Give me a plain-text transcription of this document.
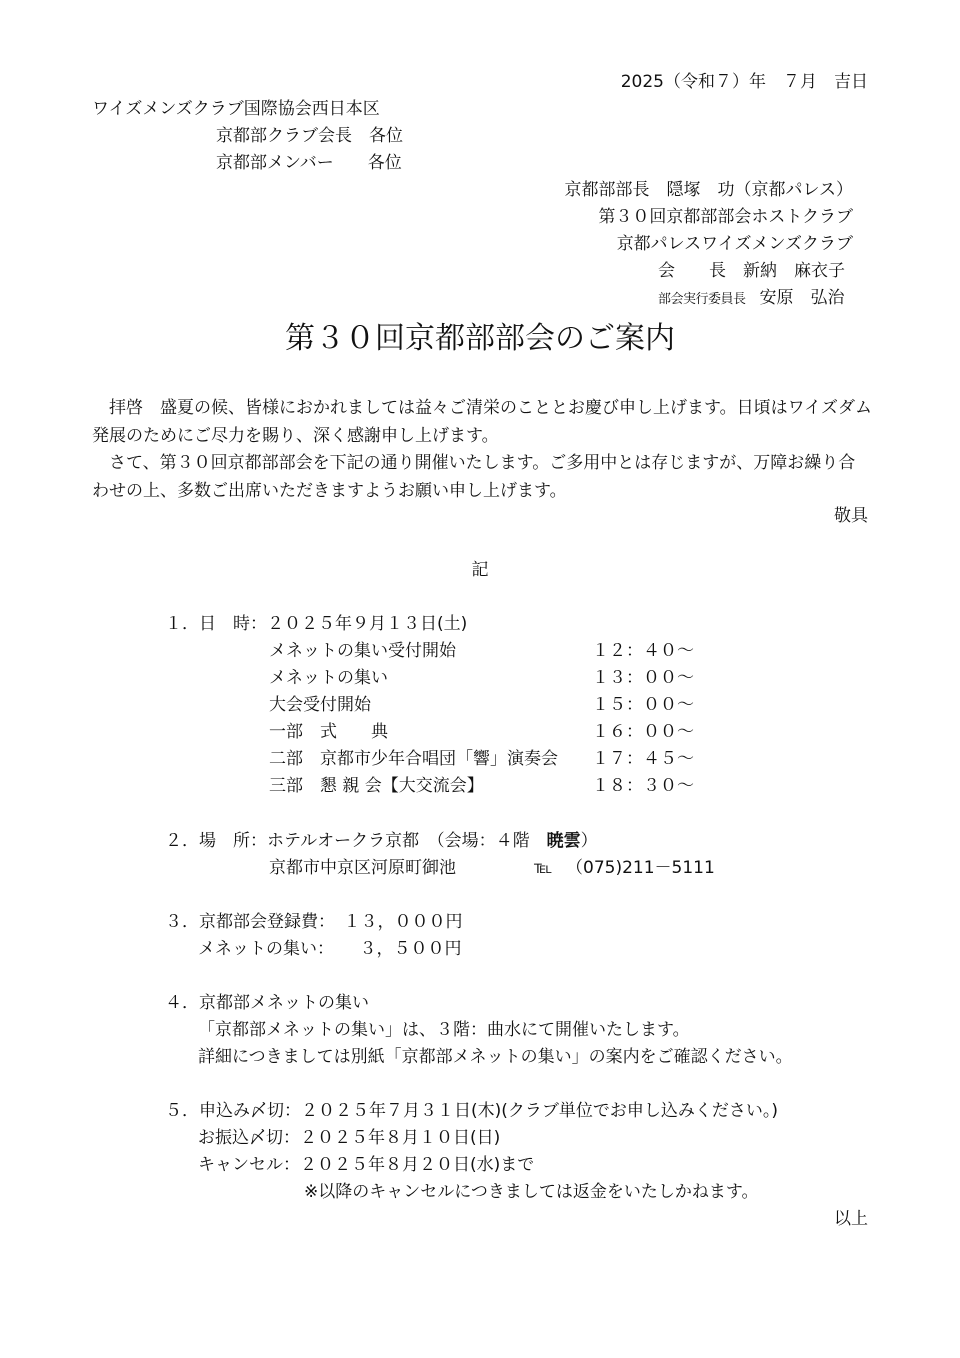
2025（令和７）年　７月　吉日
ワイズメンズクラブ国際協会西日本区
京都部クラブ会長　各位
京都部メンバー　　各位
京都部部長　隠塚　功（京都パレス）
第３０回京都部部会ホストクラブ
京都パレスワイズメンズクラブ
会　　長　新納　麻衣子
部会実行委員長 安原　弘治
第３０回京都部部会のご案内

拝啓　盛夏の候、皆様におかれましては益々ご清栄のこととお慶び申し上げます。日頃はワイズダム発展のためにご尽力を賜り、深く感謝申し上げます。

さて、第３０回京都部部会を下記の通り開催いたします。ご多用中とは存じますが、万障お繰り合わせの上、多数ご出席いただきますようお願い申し上げます。

敬具
記
１．日　時：２０２５年９月１３日(土)
メネットの集い受付開始	１２：４０～
メネットの集い	１３：００～
大会受付開始	１５：００～
一部　式　　典	１６：００～
二部　京都市少年合唱団「響」演奏会 １７：４５～
三部　懇 親 会【大交流会】	１８：３０～
２．場　所：ホテルオークラ京都　（会場：４階　暁雲）
京都市中京区河原町御池	℡ （075)211－5111
３．京都部会登録費：　１３，０００円
メネットの集い：　　３，５００円
４．京都部メネットの集い
「京都部メネットの集い」は、３階：曲水にて開催いたします。
詳細につきましては別紙「京都部メネットの集い」の案内をご確認ください。
５．申込み〆切：２０２５年７月３１日(木)(クラブ単位でお申し込みください。)
お振込〆切：２０２５年８月１０日(日)
キャンセル：２０２５年８月２０日(水)まで
※以降のキャンセルにつきましては返金をいたしかねます。
以上
